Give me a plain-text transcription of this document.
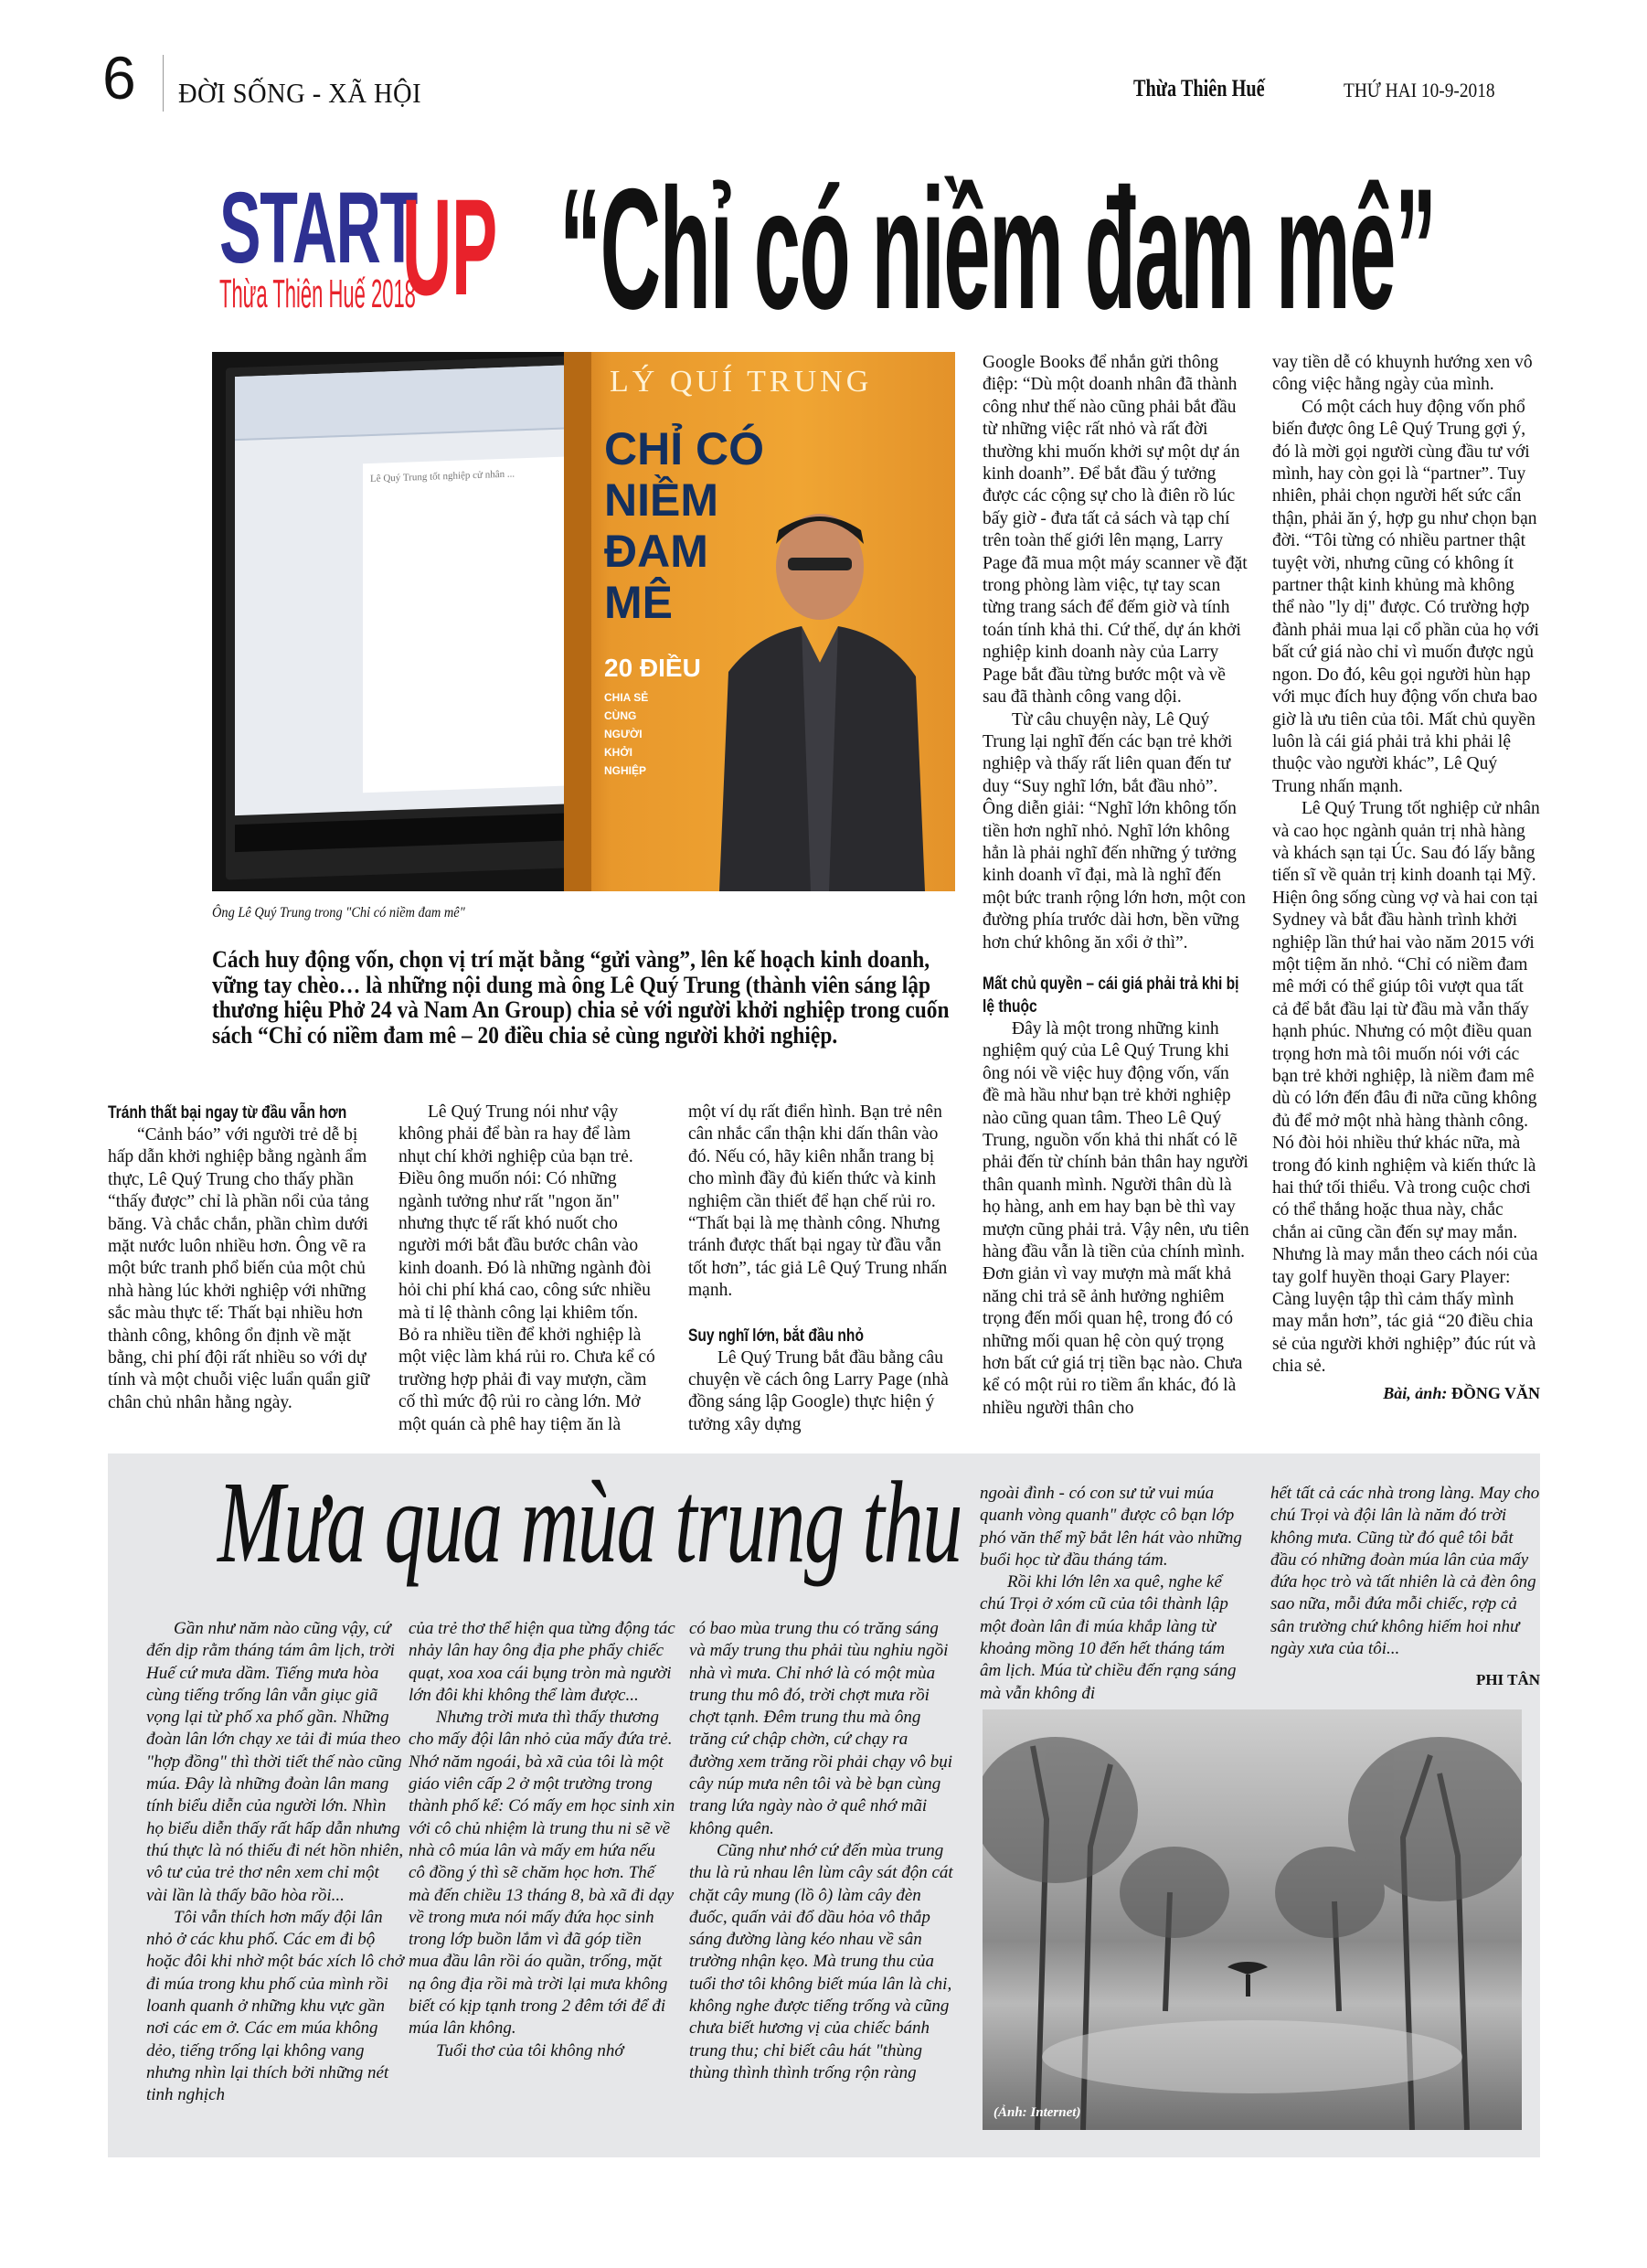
6 ĐỜI SỐNG - XÃ HỘI	Thừa Thiên Huế	THỨ HAI 10-9-2018
START
UP
Thừa Thiên Huế 2018 “Chỉ có niềm đam mê”
Lê Quý Trung tốt nghiệp cử nhân ...
LÝ QUÍ TRUNG
CHỈ CÓ NIỀM ĐAM MÊ
20 ĐIỀU
CHIA SẺ CÙNG NGƯỜI KHỞI NGHIỆP
Ông Lê Quý Trung trong "Chỉ có niềm đam mê"
Cách huy động vốn, chọn vị trí mặt bằng “gửi vàng”, lên kế hoạch kinh doanh, vững tay chèo… là những nội dung mà ông Lê Quý Trung (thành viên sáng lập thương hiệu Phở 24 và Nam An Group) chia sẻ với người khởi nghiệp trong cuốn sách “Chỉ có niềm đam mê – 20 điều chia sẻ cùng người khởi nghiệp.
Tránh thất bại ngay từ đầu vẫn hơn

“Cảnh báo” với người trẻ dễ bị hấp dẫn khởi nghiệp bằng ngành ẩm thực, Lê Quý Trung cho thấy phần “thấy được” chỉ là phần nổi của tảng băng. Và chắc chắn, phần chìm dưới mặt nước luôn nhiều hơn. Ông vẽ ra một bức tranh phổ biến của một chủ nhà hàng lúc khởi nghiệp với những sắc màu thực tế: Thất bại nhiều hơn thành công, không ổn định về mặt bằng, chi phí đội rất nhiều so với dự tính và một chuỗi việc luẩn quẩn giữ chân chủ nhân hằng ngày.

Lê Quý Trung nói như vậy không phải để bàn ra hay để làm nhụt chí khởi nghiệp của bạn trẻ. Điều ông muốn nói: Có những ngành tưởng như rất "ngon ăn" nhưng thực tế rất khó nuốt cho người mới bắt đầu bước chân vào kinh doanh. Đó là những ngành đòi hỏi chi phí khá cao, công sức nhiều mà tỉ lệ thành công lại khiêm tốn. Bỏ ra nhiều tiền để khởi nghiệp là một việc làm khá rủi ro. Chưa kể có trường hợp phải đi vay mượn, cầm cố thì mức độ rủi ro càng lớn. Mở một quán cà phê hay tiệm ăn là

một ví dụ rất điển hình. Bạn trẻ nên cân nhắc cẩn thận khi dấn thân vào đó. Nếu có, hãy kiên nhẫn trang bị cho mình đầy đủ kiến thức và kinh nghiệm cần thiết để hạn chế rủi ro. “Thất bại là mẹ thành công. Nhưng tránh được thất bại ngay từ đầu vẫn tốt hơn”, tác giả Lê Quý Trung nhấn mạnh.

Suy nghĩ lớn, bắt đầu nhỏ

Lê Quý Trung bắt đầu bằng câu chuyện về cách ông Larry Page (nhà đồng sáng lập Google) thực hiện ý tưởng xây dựng

Google Books để nhắn gửi thông điệp: “Dù một doanh nhân đã thành công như thế nào cũng phải bắt đầu từ những việc rất nhỏ và rất đời thường khi muốn khởi sự một dự án kinh doanh”. Để bắt đầu ý tưởng được các cộng sự cho là điên rồ lúc bấy giờ - đưa tất cả sách và tạp chí trên toàn thế giới lên mạng, Larry Page đã mua một máy scanner về đặt trong phòng làm việc, tự tay scan từng trang sách để đếm giờ và tính toán tính khả thi. Cứ thế, dự án khởi nghiệp kinh doanh này của Larry Page bắt đầu từng bước một và về sau đã thành công vang dội.

Từ câu chuyện này, Lê Quý Trung lại nghĩ đến các bạn trẻ khởi nghiệp và thấy rất liên quan đến tư duy “Suy nghĩ lớn, bắt đầu nhỏ”. Ông diễn giải: “Nghĩ lớn không tốn tiền hơn nghĩ nhỏ. Nghĩ lớn không hẳn là phải nghĩ đến những ý tưởng kinh doanh vĩ đại, mà là nghĩ đến một bức tranh rộng lớn hơn, một con đường phía trước dài hơn, bền vững hơn chứ không ăn xổi ở thì”.

Mất chủ quyền – cái giá phải trả khi bị lệ thuộc

Đây là một trong những kinh nghiệm quý của Lê Quý Trung khi ông nói về việc huy động vốn, vấn đề mà hầu như bạn trẻ khởi nghiệp nào cũng quan tâm. Theo Lê Quý Trung, nguồn vốn khả thi nhất có lẽ phải đến từ chính bản thân hay người thân quanh mình. Người thân dù là họ hàng, anh em hay bạn bè thì vay mượn cũng phải trả. Vậy nên, ưu tiên hàng đầu vẫn là tiền của chính mình. Đơn giản vì vay mượn mà mất khả năng chi trả sẽ ảnh hưởng nghiêm trọng đến mối quan hệ, trong đó có những mối quan hệ còn quý trọng hơn bất cứ giá trị tiền bạc nào. Chưa kể có một rủi ro tiềm ẩn khác, đó là nhiều người thân cho

vay tiền dễ có khuynh hướng xen vô công việc hằng ngày của mình.

Có một cách huy động vốn phổ biến được ông Lê Quý Trung gợi ý, đó là mời gọi người cùng đầu tư với mình, hay còn gọi là “partner”. Tuy nhiên, phải chọn người hết sức cẩn thận, phải ăn ý, hợp gu như chọn bạn đời. “Tôi từng có nhiều partner thật tuyệt vời, nhưng cũng có không ít partner thật kinh khủng mà không thể nào "ly dị" được. Có trường hợp đành phải mua lại cổ phần của họ với bất cứ giá nào chỉ vì muốn được ngủ ngon. Do đó, kêu gọi người hùn hạp với mục đích huy động vốn chưa bao giờ là ưu tiên của tôi. Mất chủ quyền luôn là cái giá phải trả khi phải lệ thuộc vào người khác”, Lê Quý Trung nhấn mạnh.

Lê Quý Trung tốt nghiệp cử nhân và cao học ngành quản trị nhà hàng và khách sạn tại Úc. Sau đó lấy bằng tiến sĩ về quản trị kinh doanh tại Mỹ. Hiện ông sống cùng vợ và hai con tại Sydney và bắt đầu hành trình khởi nghiệp lần thứ hai vào năm 2015 với một tiệm ăn nhỏ. “Chỉ có niềm đam mê mới có thể giúp tôi vượt qua tất cả để bắt đầu lại từ đầu mà vẫn thấy hạnh phúc. Nhưng có một điều quan trọng hơn mà tôi muốn nói với các bạn trẻ khởi nghiệp, là niềm đam mê dù có lớn đến đâu đi nữa cũng không đủ để mở một nhà hàng thành công. Nó đòi hỏi nhiều thứ khác nữa, mà trong đó kinh nghiệm và kiến thức là hai thứ tối thiểu. Và trong cuộc chơi có thể thắng hoặc thua này, chắc chắn ai cũng cần đến sự may mắn. Nhưng là may mắn theo cách nói của tay golf huyền thoại Gary Player: Càng luyện tập thì cảm thấy mình may mắn hơn”, tác giả “20 điều chia sẻ của người khởi nghiệp” đúc rút và chia sẻ.

Bài, ảnh: ĐỒNG VĂN
Mưa qua mùa trung thu

Gần như năm nào cũng vậy, cứ đến dịp rằm tháng tám âm lịch, trời Huế cứ mưa dầm. Tiếng mưa hòa cùng tiếng trống lân vẫn giục giã vọng lại từ phố xa phố gần. Những đoàn lân lớn chạy xe tải đi múa theo "hợp đồng" thì thời tiết thế nào cũng múa. Đây là những đoàn lân mang tính biểu diễn của người lớn. Nhìn họ biểu diễn thấy rất hấp dẫn nhưng thú thực là nó thiếu đi nét hồn nhiên, vô tư của trẻ thơ nên xem chỉ một vài lần là thấy bão hòa rồi...

Tôi vẫn thích hơn mấy đội lân nhỏ ở các khu phố. Các em đi bộ hoặc đôi khi nhờ một bác xích lô chở đi múa trong khu phố của mình rồi loanh quanh ở những khu vực gần nơi các em ở. Các em múa không dẻo, tiếng trống lại không vang nhưng nhìn lại thích bởi những nét tinh nghịch

của trẻ thơ thể hiện qua từng động tác nhảy lân hay ông địa phe phẩy chiếc quạt, xoa xoa cái bụng tròn mà người lớn đôi khi không thể làm được...

Nhưng trời mưa thì thấy thương cho mấy đội lân nhỏ của mấy đứa trẻ. Nhớ năm ngoái, bà xã của tôi là một giáo viên cấp 2 ở một trường trong thành phố kể: Có mấy em học sinh xin với cô chủ nhiệm là trung thu ni sẽ về nhà cô múa lân và mấy em hứa nếu cô đồng ý thì sẽ chăm học hơn. Thế mà đến chiều 13 tháng 8, bà xã đi dạy về trong mưa nói mấy đứa học sinh trong lớp buồn lắm vì đã góp tiền mua đầu lân rồi áo quần, trống, mặt nạ ông địa rồi mà trời lại mưa không biết có kịp tạnh trong 2 đêm tới để đi múa lân không.

Tuổi thơ của tôi không nhớ

có bao mùa trung thu có trăng sáng và mấy trung thu phải tùu nghỉu ngồi nhà vì mưa. Chỉ nhớ là có một mùa trung thu mô đó, trời chợt mưa rồi chợt tạnh. Đêm trung thu mà ông trăng cứ chập chờn, cứ chạy ra đường xem trăng rồi phải chạy vô bụi cây núp mưa nên tôi và bè bạn cùng trang lứa ngày nào ở quê nhớ mãi không quên.

Cũng như nhớ cứ đến mùa trung thu là rủ nhau lên lùm cây sát độn cát chặt cây mung (lồ ô) làm cây đèn đuốc, quấn vải đổ dầu hỏa vô thắp sáng đường làng kéo nhau về sân trường nhận kẹo. Mà trung thu của tuổi thơ tôi không biết múa lân là chi, không nghe được tiếng trống và cũng chưa biết hương vị của chiếc bánh trung thu; chỉ biết câu hát "thùng thùng thình thình trống rộn ràng

ngoài đình - có con sư tử vui múa quanh vòng quanh" được cô bạn lớp phó văn thể mỹ bắt lên hát vào những buổi học từ đầu tháng tám.

Rồi khi lớn lên xa quê, nghe kể chú Trọi ở xóm cũ của tôi thành lập một đoàn lân đi múa khắp làng từ khoảng mồng 10 đến hết tháng tám âm lịch. Múa từ chiều đến rạng sáng mà vẫn không đi

hết tất cả các nhà trong làng. May cho chú Trọi và đội lân là năm đó trời không mưa. Cũng từ đó quê tôi bắt đầu có những đoàn múa lân của mấy đứa học trò và tất nhiên là cả đèn ông sao nữa, mỗi đứa mỗi chiếc, rợp cả sân trường chứ không hiếm hoi như ngày xưa của tôi...

PHI TÂN
(Ảnh: Internet)
